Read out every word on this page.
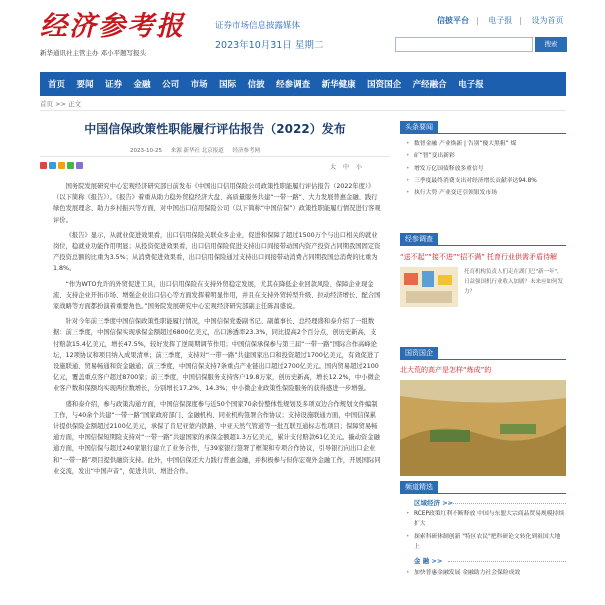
经济参考报
新华通讯社主管主办 邓小平题写报头
证券市场信息披露媒体
2023年10月31日 星期二
信披平台 | 电子报 | 设为首页
搜索
首页 要闻 证券 金融 公司 市场 国际 信披 经参调查 新华健康 国资国企 产经融合 电子报
首页 >> 正文
中国信保政策性职能履行评估报告（2022）发布
2023-10-25 来源 新华社 北京报道 经济参考网
大 中 小

国务院发展研究中心宏观经济研究部日前发布《中国出口信用保险公司政策性职能履行评估报告（2022年度）》（以下简称《报告》）。《报告》着重从助力稳外贸稳经济大盘、高质量服务共建“一带一路”、大力发展普惠金融、践行绿色发展理念、助力乡村振兴等方面，对中国出口信用保险公司（以下简称“中国信保”）政策性职能履行情况进行客观评价。

《报告》显示，从就业促进效果看，出口信用保险关联众多企业，促进和保障了超过1500万个与出口相关的就业岗位，稳就业功能作用明显；从投资促进效果看，出口信用保险促进支持出口间接带动国内资产投资占同期我国固定资产投资总额的比重为3.5%；从消费促进效果看，出口信用保险通过支持出口间接带动消费占同期我国总消费的比重为1.8%。

“作为WTO允许的外贸促进工具，出口信用保险在支持外贸稳定发展，尤其在降低企业回款风险、保障企业现金流、支持企业开拓市场、增强企业出口信心等方面发挥着明显作用，并且在支持外贸转型升级、拉动经济增长、配合国家战略等方面都扮演着重要角色。”国务院发展研究中心宏观经济研究部副主任陈昌盛说。

针对今年前三季度中国信保政策性职能履行情况，中国信保党委副书记、副董事长、总经理盛和泰介绍了一组数据：前三季度，中国信保实现承保金额超过6800亿美元，出口渗透率23.3%，同比提高2个百分点，创历史新高，支付赔款15.4亿美元，增长47.5%，较好发挥了逆周期调节作用；中国信保承保参与第三届“一带一路”国际合作高峰论坛，12项协议和项目纳入成果清单；前三季度，支持对“一带一路”共建国家出口和投资超过1700亿美元，有效促进了设施联通、贸易畅通和资金融通；前三季度，中国信保支持7条重点产业链出口超过2700亿美元。国内贸易超过2100亿元，覆盖重点客户超过8700家；前三季度，中国信保服务支持客户19.8万家，创历史新高，增长12.2%，中小微企业客户数和保额均实现两位数增长，分别增长17.2%、14.3%；中小微企业政策性保险服务的获得感进一步增强。

盛和泰介绍，参与政策沟通方面，中国信保深度参与近50个国家70余份整体性规划及多项双边合作规划文件编制工作，与40余个共建“一带一路”国家政府部门、金融机构、同业机构签署合作协议；支持设施联通方面，中国信保累计提供保险金额超过2100亿美元，承保了肯尼亚蒙内铁路、中亚天然气管道等一批互联互通标志性项目；保障贸易畅通方面，中国信保短期险支持对“一带一路”共建国家的承保金额超1.3万亿美元，累计支付赔款61亿美元。撬动资金融通方面，中国信保与超过240家银行建立了业务合作，与39家银行签署了框架和专项合作协议，引导银行向出口企业和“一带一路”项目提供融资支持。此外，中国信保还大力践行普惠金融，并积极参与但你宏观外金融工作，开展国际同业交流，发出“中国声音”，促进共识、增进合作。

头条要闻
• 数智金融 产业焕新 | 告别“傻大黑粗” 煤
• 矿“智”变出新彩
• 增发万亿国债释放多重信号
• 三季度最终消费支出对经济增长贡献率达94.8%
• 执行大势 产业变迁引领银发市场
经参调查
“送不起”“接不进”“招不满” 托育行业供需矛盾待解
托育机构负责人们走在湖门巴"新一年"，日益强国机行业收入加剧？未来应如何发力？
国资国企
北大荒的高产是怎样“炼成”的
频道精选
区域经济 >>
• RCEP政策红利不断释放 中国与东盟大宗商品贸易规模持续扩大
• 探索科研体制创新 "特区农民"把科研论文转化到祖国大地上
金 融 >>
• 加快普惠金融发展 金融助力社会保险成效
